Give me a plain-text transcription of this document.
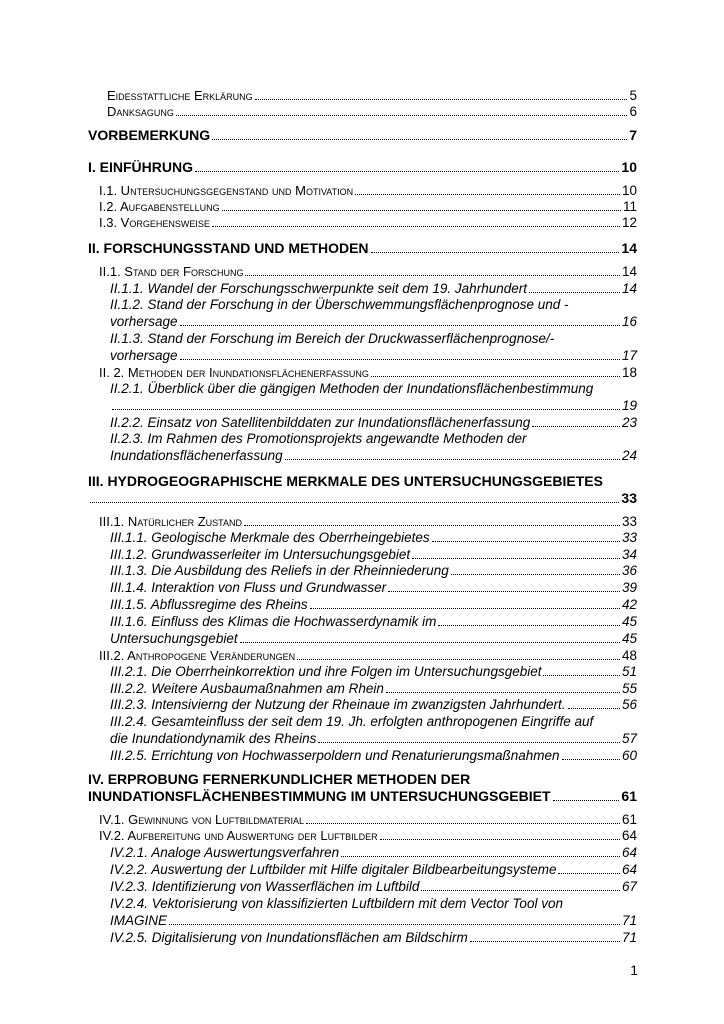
Eidesstattliche Erklärung	5
Danksagung	6
VORBEMERKUNG	7
I. EINFÜHRUNG	10
I.1. Untersuchungsgegenstand und Motivation	10
I.2. Aufgabenstellung	11
I.3. Vorgehensweise	12
II. FORSCHUNGSSTAND UND METHODEN	14
II.1. Stand der Forschung	14
II.1.1. Wandel der Forschungsschwerpunkte seit dem 19. Jahrhundert	14
II.1.2. Stand der Forschung in der Überschwemmungsflächenprognose und -
vorhersage	16
II.1.3. Stand der Forschung im Bereich der Druckwasserflächenprognose/-
vorhersage	17
II. 2. Methoden der Inundationsflächenerfassung	18
II.2.1. Überblick über die gängigen Methoden der Inundationsflächenbestimmung
19
II.2.2. Einsatz von Satellitenbilddaten zur Inundationsflächenerfassung	23
II.2.3. Im Rahmen des Promotionsprojekts angewandte Methoden der
Inundationsflächenerfassung	24
III. HYDROGEOGRAPHISCHE MERKMALE DES UNTERSUCHUNGSGEBIETES
33
III.1. Natürlicher Zustand	33
III.1.1. Geologische Merkmale des Oberrheingebietes	33
III.1.2. Grundwasserleiter im Untersuchungsgebiet	34
III.1.3. Die Ausbildung des Reliefs in der Rheinniederung	36
III.1.4. Interaktion von Fluss und Grundwasser	39
III.1.5. Abflussregime des Rheins	42
III.1.6. Einfluss des Klimas die Hochwasserdynamik im	45
Untersuchungsgebiet	45
III.2. Anthropogene Veränderungen	48
III.2.1. Die Oberrheinkorrektion und ihre Folgen im Untersuchungsgebiet	51
III.2.2. Weitere Ausbaumaßnahmen am Rhein	55
III.2.3. Intensivierng der Nutzung der Rheinaue im zwanzigsten Jahrhundert.	56
III.2.4. Gesamteinfluss der seit dem 19. Jh. erfolgten anthropogenen Eingriffe auf
die Inundationdynamik des Rheins	57
III.2.5. Errichtung von Hochwasserpoldern und Renaturierungsmaßnahmen	60
IV. ERPROBUNG FERNERKUNDLICHER METHODEN DER
INUNDATIONSFLÄCHENBESTIMMUNG IM UNTERSUCHUNGSGEBIET	61
IV.1. Gewinnung von Luftbildmaterial	61
IV.2. Aufbereitung und Auswertung der Luftbilder	64
IV.2.1. Analoge Auswertungsverfahren	64
IV.2.2. Auswertung der Luftbilder mit Hilfe digitaler Bildbearbeitungsysteme	64
IV.2.3. Identifizierung von Wasserflächen im Luftbild	67
IV.2.4. Vektorisierung von klassifizierten Luftbildern mit dem Vector Tool von
IMAGINE	71
IV.2.5. Digitalisierung von Inundationsflächen am Bildschirm	71
1
